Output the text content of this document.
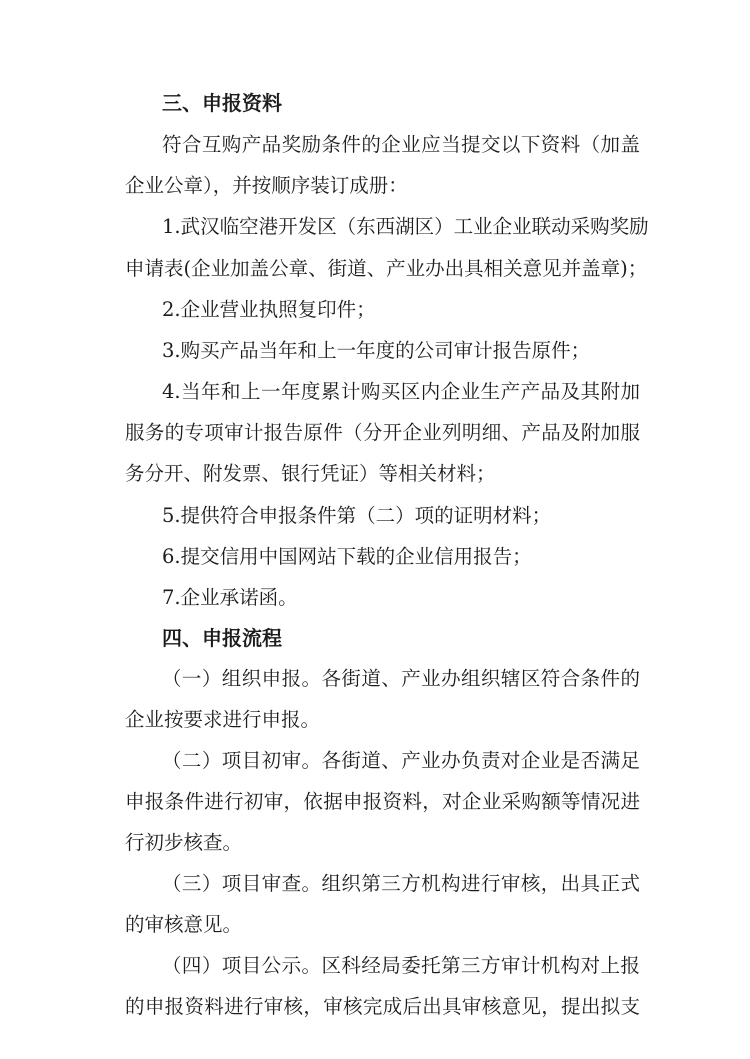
三、申报资料

符合互购产品奖励条件的企业应当提交以下资料（加盖

企业公章），并按顺序装订成册：

1.武汉临空港开发区（东西湖区）工业企业联动采购奖励

申请表(企业加盖公章、街道、产业办出具相关意见并盖章)；

2.企业营业执照复印件；

3.购买产品当年和上一年度的公司审计报告原件；

4.当年和上一年度累计购买区内企业生产产品及其附加

服务的专项审计报告原件（分开企业列明细、产品及附加服

务分开、附发票、银行凭证）等相关材料；

5.提供符合申报条件第（二）项的证明材料；

6.提交信用中国网站下载的企业信用报告；

7.企业承诺函。

四、申报流程

（一）组织申报。各街道、产业办组织辖区符合条件的

企业按要求进行申报。

（二）项目初审。各街道、产业办负责对企业是否满足

申报条件进行初审，依据申报资料，对企业采购额等情况进

行初步核查。

（三）项目审查。组织第三方机构进行审核，出具正式

的审核意见。

（四）项目公示。区科经局委托第三方审计机构对上报

的申报资料进行审核，审核完成后出具审核意见，提出拟支
